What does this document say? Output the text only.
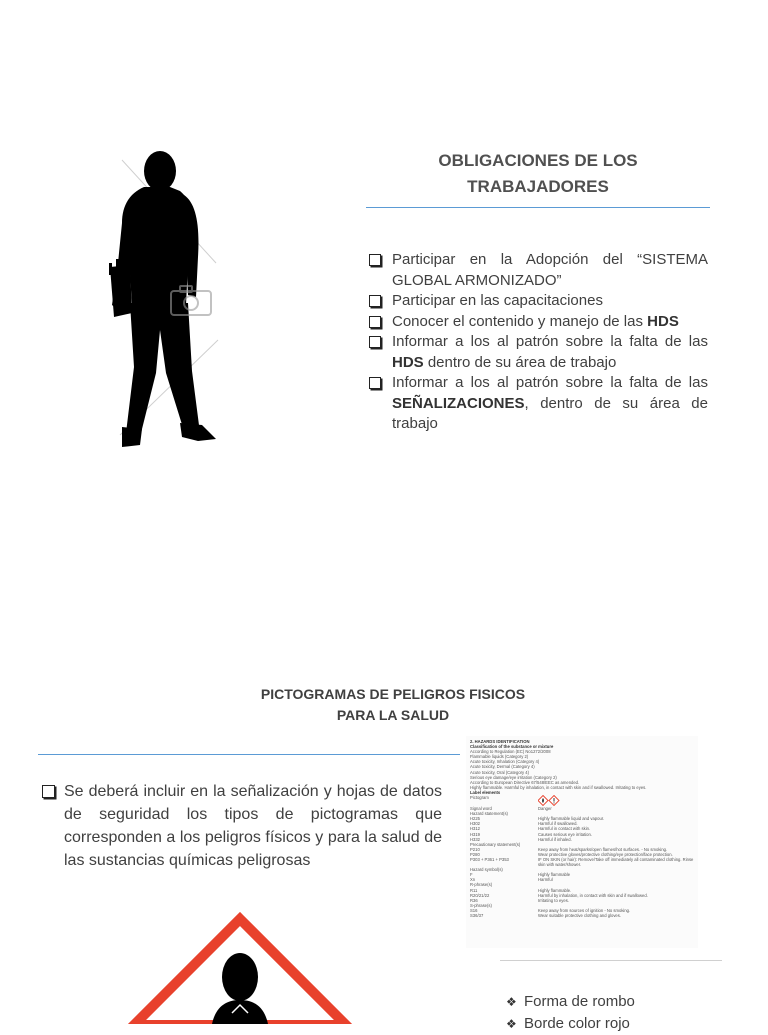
OBLIGACIONES DE LOS
TRABAJADORES
Participar en la Adopción del “SISTEMA GLOBAL ARMONIZADO”
Participar en las capacitaciones
Conocer el contenido y manejo de las HDS
Informar a los al patrón sobre la falta de las HDS dentro de su área de trabajo
Informar a los al patrón sobre la falta de las SEÑALIZACIONES, dentro de su área de trabajo
PICTOGRAMAS DE PELIGROS FISICOS
PARA LA SALUD
Se deberá incluir en la señalización y hojas de datos de seguridad los tipos de pictogramas que corresponden a los peligros físicos y para la salud de las sustancias químicas peligrosas
2. HAZARDS IDENTIFICATION
Classification of the substance or mixture
According to Regulation (EC) No1272/2008
Flammable liquids (Category 2)
Acute toxicity, Inhalation (Category 4)
Acute toxicity, Dermal (Category 4)
Acute toxicity, Oral (Category 4)
Serious eye damage/eye irritation (Category 2)
According to European Directive 67/548/EEC as amended.
Highly flammable. Harmful by inhalation, in contact with skin and if swallowed. Irritating to eyes.
Label elements
Pictogram
Signal word	Danger
Hazard statement(s)
H225	Highly flammable liquid and vapour.
H302	Harmful if swallowed.
H312	Harmful in contact with skin.
H319	Causes serious eye irritation.
H332	Harmful if inhaled.
Precautionary statement(s)
P210	Keep away from heat/sparks/open flames/hot surfaces. - No smoking.
P280	Wear protective gloves/protective clothing/eye protection/face protection.
P303 + P361 + P353	IF ON SKIN (or hair): Remove/Take off immediately all contaminated clothing. Rinse skin with water/shower.
Hazard symbol(s)
F	Highly flammable
Xn	Harmful
R-phrase(s)
R11	Highly flammable.
R20/21/22	Harmful by inhalation, in contact with skin and if swallowed.
R36	Irritating to eyes.
S-phrase(s)
S16	Keep away from sources of ignition - No smoking.
S36/37	Wear suitable protective clothing and gloves.
❖ Forma de rombo
❖ Borde color rojo
